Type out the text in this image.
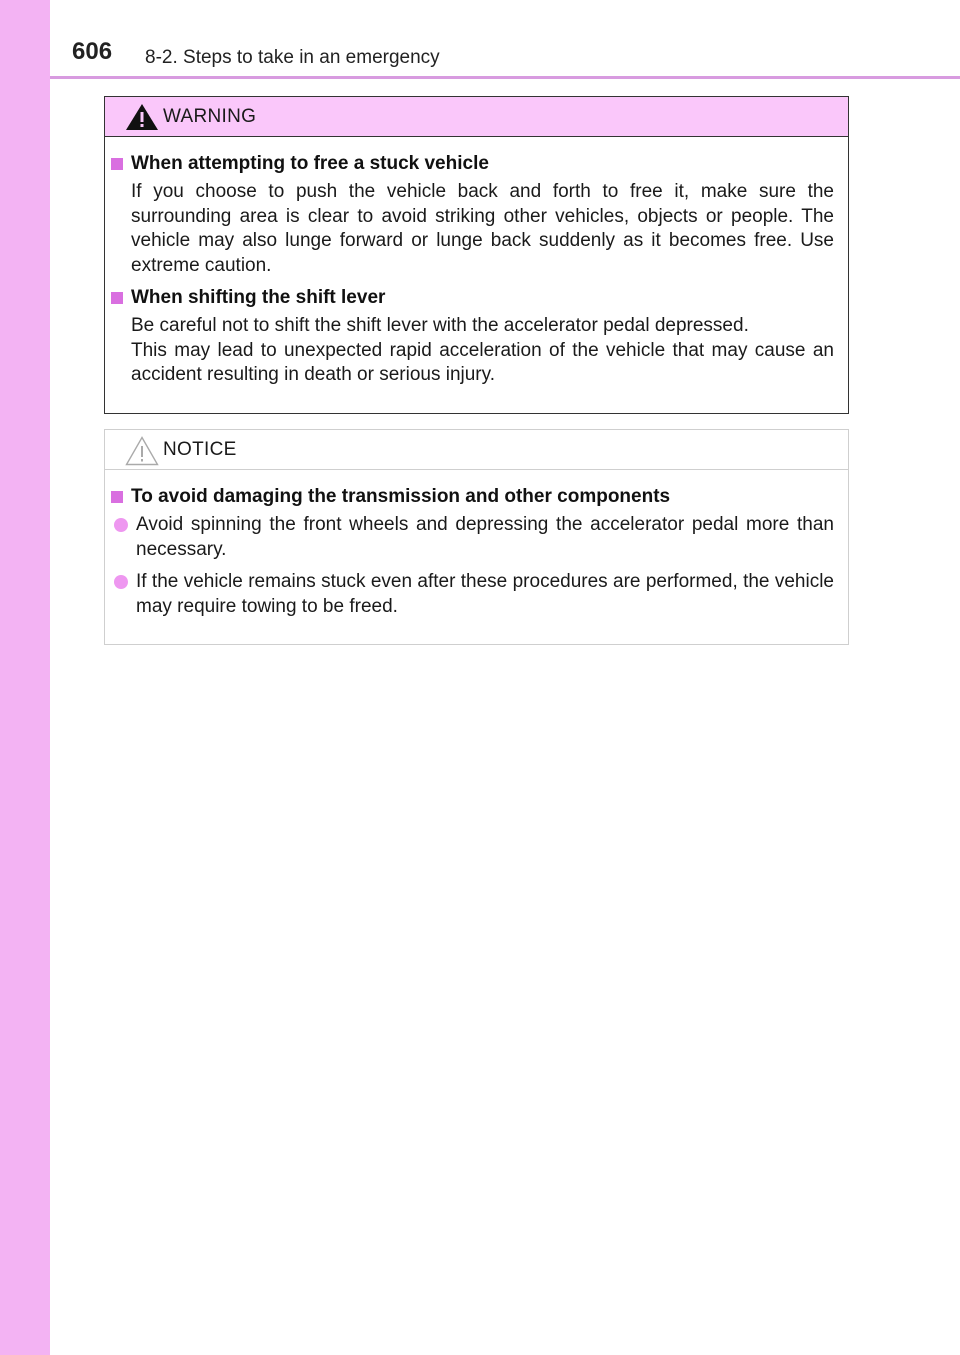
606 8-2. Steps to take in an emergency
WARNING
When attempting to free a stuck vehicle

If you choose to push the vehicle back and forth to free it, make sure the surrounding area is clear to avoid striking other vehicles, objects or people. The vehicle may also lunge forward or lunge back suddenly as it becomes free. Use extreme caution.

When shifting the shift lever

Be careful not to shift the shift lever with the accelerator pedal depressed.

This may lead to unexpected rapid acceleration of the vehicle that may cause an accident resulting in death or serious injury.

NOTICE
To avoid damaging the transmission and other components
Avoid spinning the front wheels and depressing the accelerator pedal more than necessary.
If the vehicle remains stuck even after these procedures are performed, the vehicle may require towing to be freed.
